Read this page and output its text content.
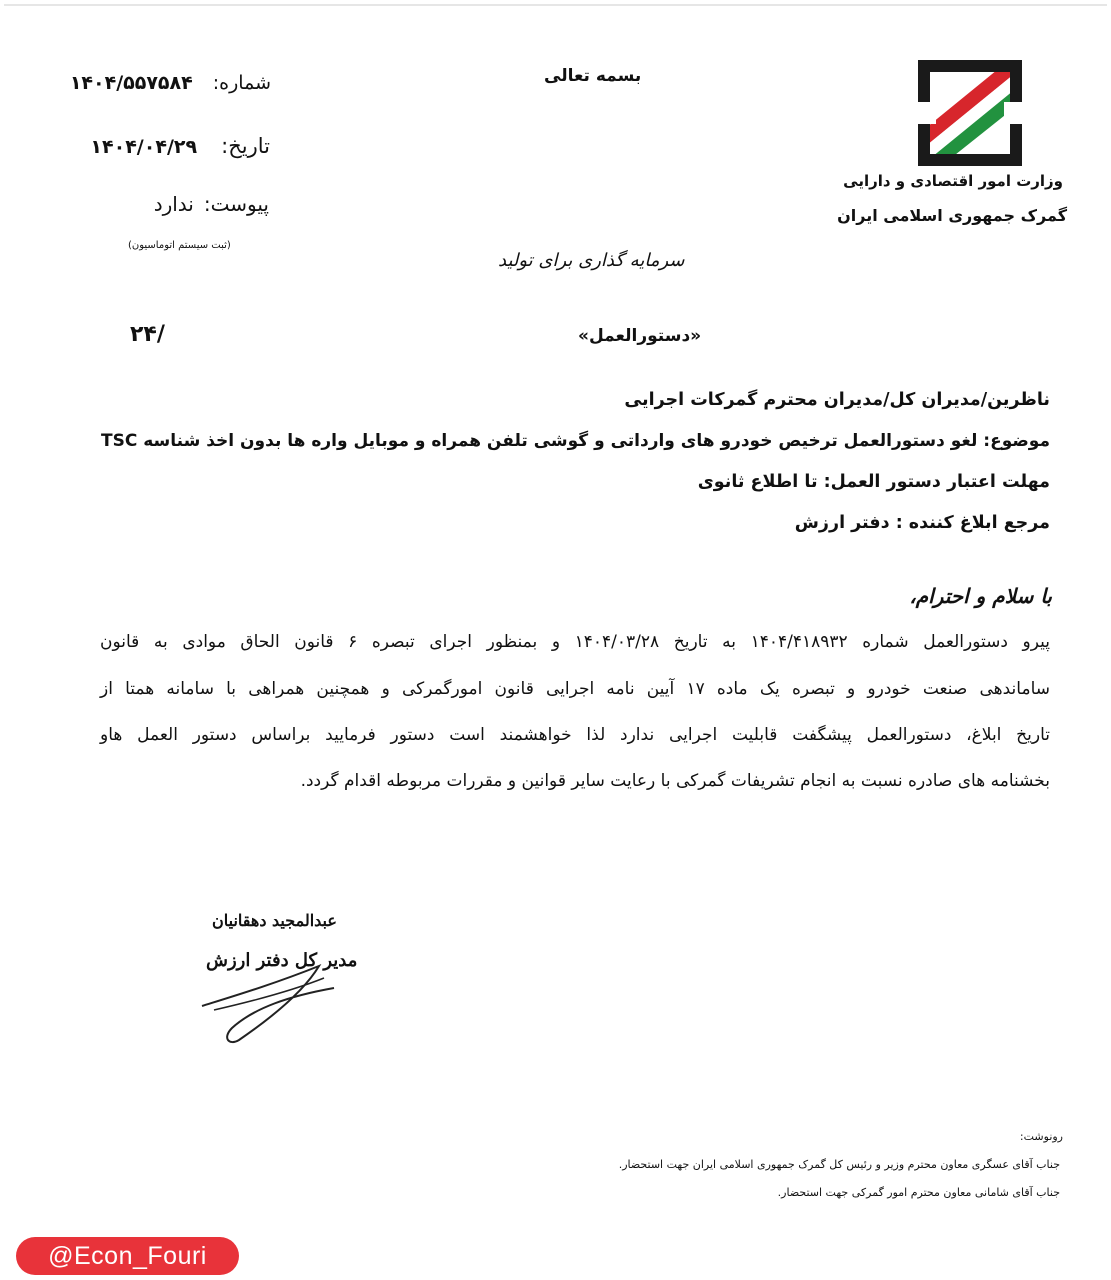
شماره: ۱۴۰۴/۵۵۷۵۸۴
تاریخ: ۱۴۰۴/۰۴/۲۹
پیوست: ندارد
(ثبت سیستم اتوماسیون)
بسمه تعالی
سرمایه گذاری برای تولید
وزارت امور اقتصادی و دارایی
گمرک جمهوری اسلامی ایران
«دستورالعمل»
۲۴/
ناظرین/مدیران کل/مدیران محترم گمرکات اجرایی
موضوع: لغو دستورالعمل ترخیص خودرو های وارداتی و گوشی تلفن همراه و موبایل واره ها بدون اخذ شناسه TSC
مهلت اعتبار دستور العمل: تا اطلاع ثانوی
مرجع ابلاغ کننده : دفتر ارزش
با سلام و احترام،
پیرو دستورالعمل شماره ۱۴۰۴/۴۱۸۹۳۲ به تاریخ ۱۴۰۴/۰۳/۲۸ و بمنظور اجرای تبصره ۶ قانون الحاق موادی به قانون
ساماندهی صنعت خودرو و تبصره یک ماده ۱۷ آیین نامه اجرایی قانون امورگمرکی و همچنین همراهی با سامانه همتا از
تاریخ ابلاغ، دستورالعمل پیشگفت قابلیت اجرایی ندارد لذا خواهشمند است دستور فرمایید براساس دستور العمل هاو
بخشنامه های صادره نسبت به انجام تشریفات گمرکی با رعایت سایر قوانین و مقررات مربوطه اقدام گردد.
عبدالمجید دهقانیان
مدیر کل دفتر ارزش
رونوشت:
جناب آقای عسگری معاون محترم وزیر و رئیس کل گمرک جمهوری اسلامی ایران جهت استحضار.
جناب آقای شامانی معاون محترم امور گمرکی جهت استحضار.
@Econ_Fouri
